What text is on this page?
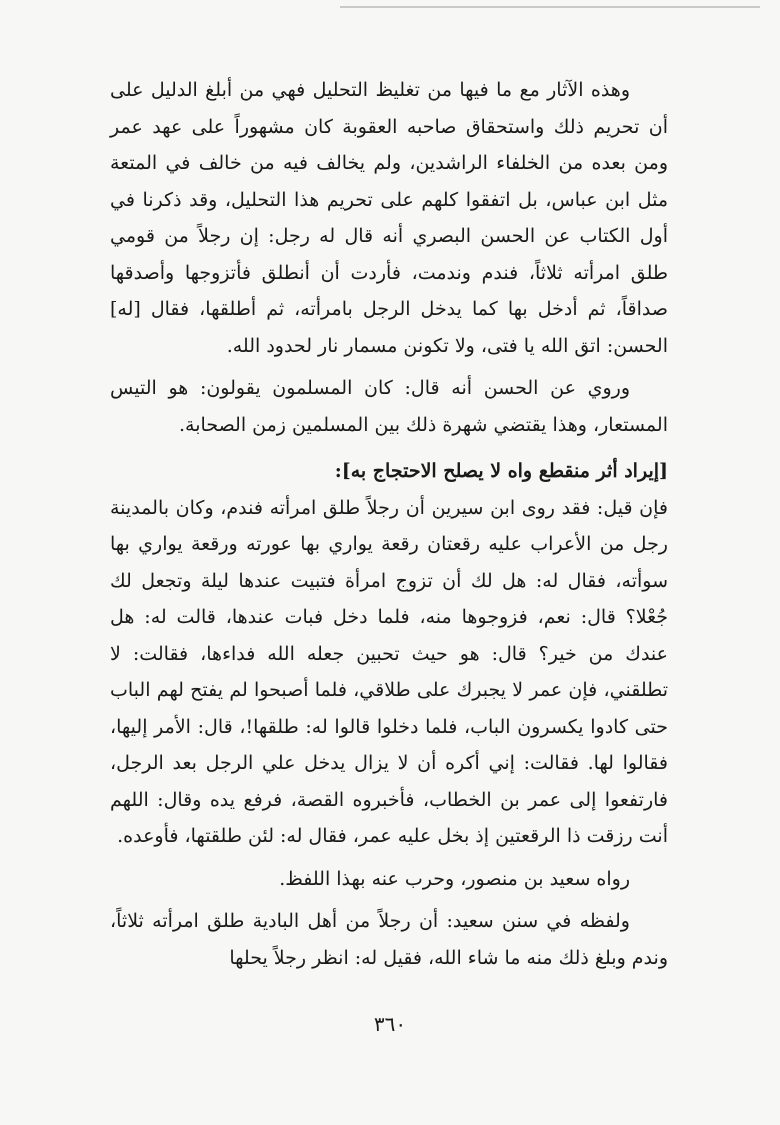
وهذه الآثار مع ما فيها من تغليظ التحليل فهي من أبلغ الدليل على أن تحريم ذلك واستحقاق صاحبه العقوبة كان مشهوراً على عهد عمر ومن بعده من الخلفاء الراشدين، ولم يخالف فيه من خالف في المتعة مثل ابن عباس، بل اتفقوا كلهم على تحريم هذا التحليل، وقد ذكرنا في أول الكتاب عن الحسن البصري أنه قال له رجل: إن رجلاً من قومي طلق امرأته ثلاثاً، فندم وندمت، فأردت أن أنطلق فأتزوجها وأصدقها صداقاً، ثم أدخل بها كما يدخل الرجل بامرأته، ثم أطلقها، فقال [له] الحسن: اتق الله يا فتى، ولا تكونن مسمار نار لحدود الله.

وروي عن الحسن أنه قال: كان المسلمون يقولون: هو التيس المستعار، وهذا يقتضي شهرة ذلك بين المسلمين زمن الصحابة.

[إيراد أثر منقطع واه لا يصلح الاحتجاج به]:

فإن قيل: فقد روى ابن سيرين أن رجلاً طلق امرأته فندم، وكان بالمدينة رجل من الأعراب عليه رقعتان رقعة يواري بها عورته ورقعة يواري بها سوأته، فقال له: هل لك أن تزوج امرأة فتبيت عندها ليلة وتجعل لك جُعْلا؟ قال: نعم، فزوجوها منه، فلما دخل فبات عندها، قالت له: هل عندك من خير؟ قال: هو حيث تحبين جعله الله فداءها، فقالت: لا تطلقني، فإن عمر لا يجبرك على طلاقي، فلما أصبحوا لم يفتح لهم الباب حتى كادوا يكسرون الباب، فلما دخلوا قالوا له: طلقها!، قال: الأمر إليها، فقالوا لها. فقالت: إني أكره أن لا يزال يدخل علي الرجل بعد الرجل، فارتفعوا إلى عمر بن الخطاب، فأخبروه القصة، فرفع يده وقال: اللهم أنت رزقت ذا الرقعتين إذ بخل عليه عمر، فقال له: لئن طلقتها، فأوعده.

رواه سعيد بن منصور، وحرب عنه بهذا اللفظ.

ولفظه في سنن سعيد: أن رجلاً من أهل البادية طلق امرأته ثلاثاً، وندم وبلغ ذلك منه ما شاء الله، فقيل له: انظر رجلاً يحلها

٣٦٠
